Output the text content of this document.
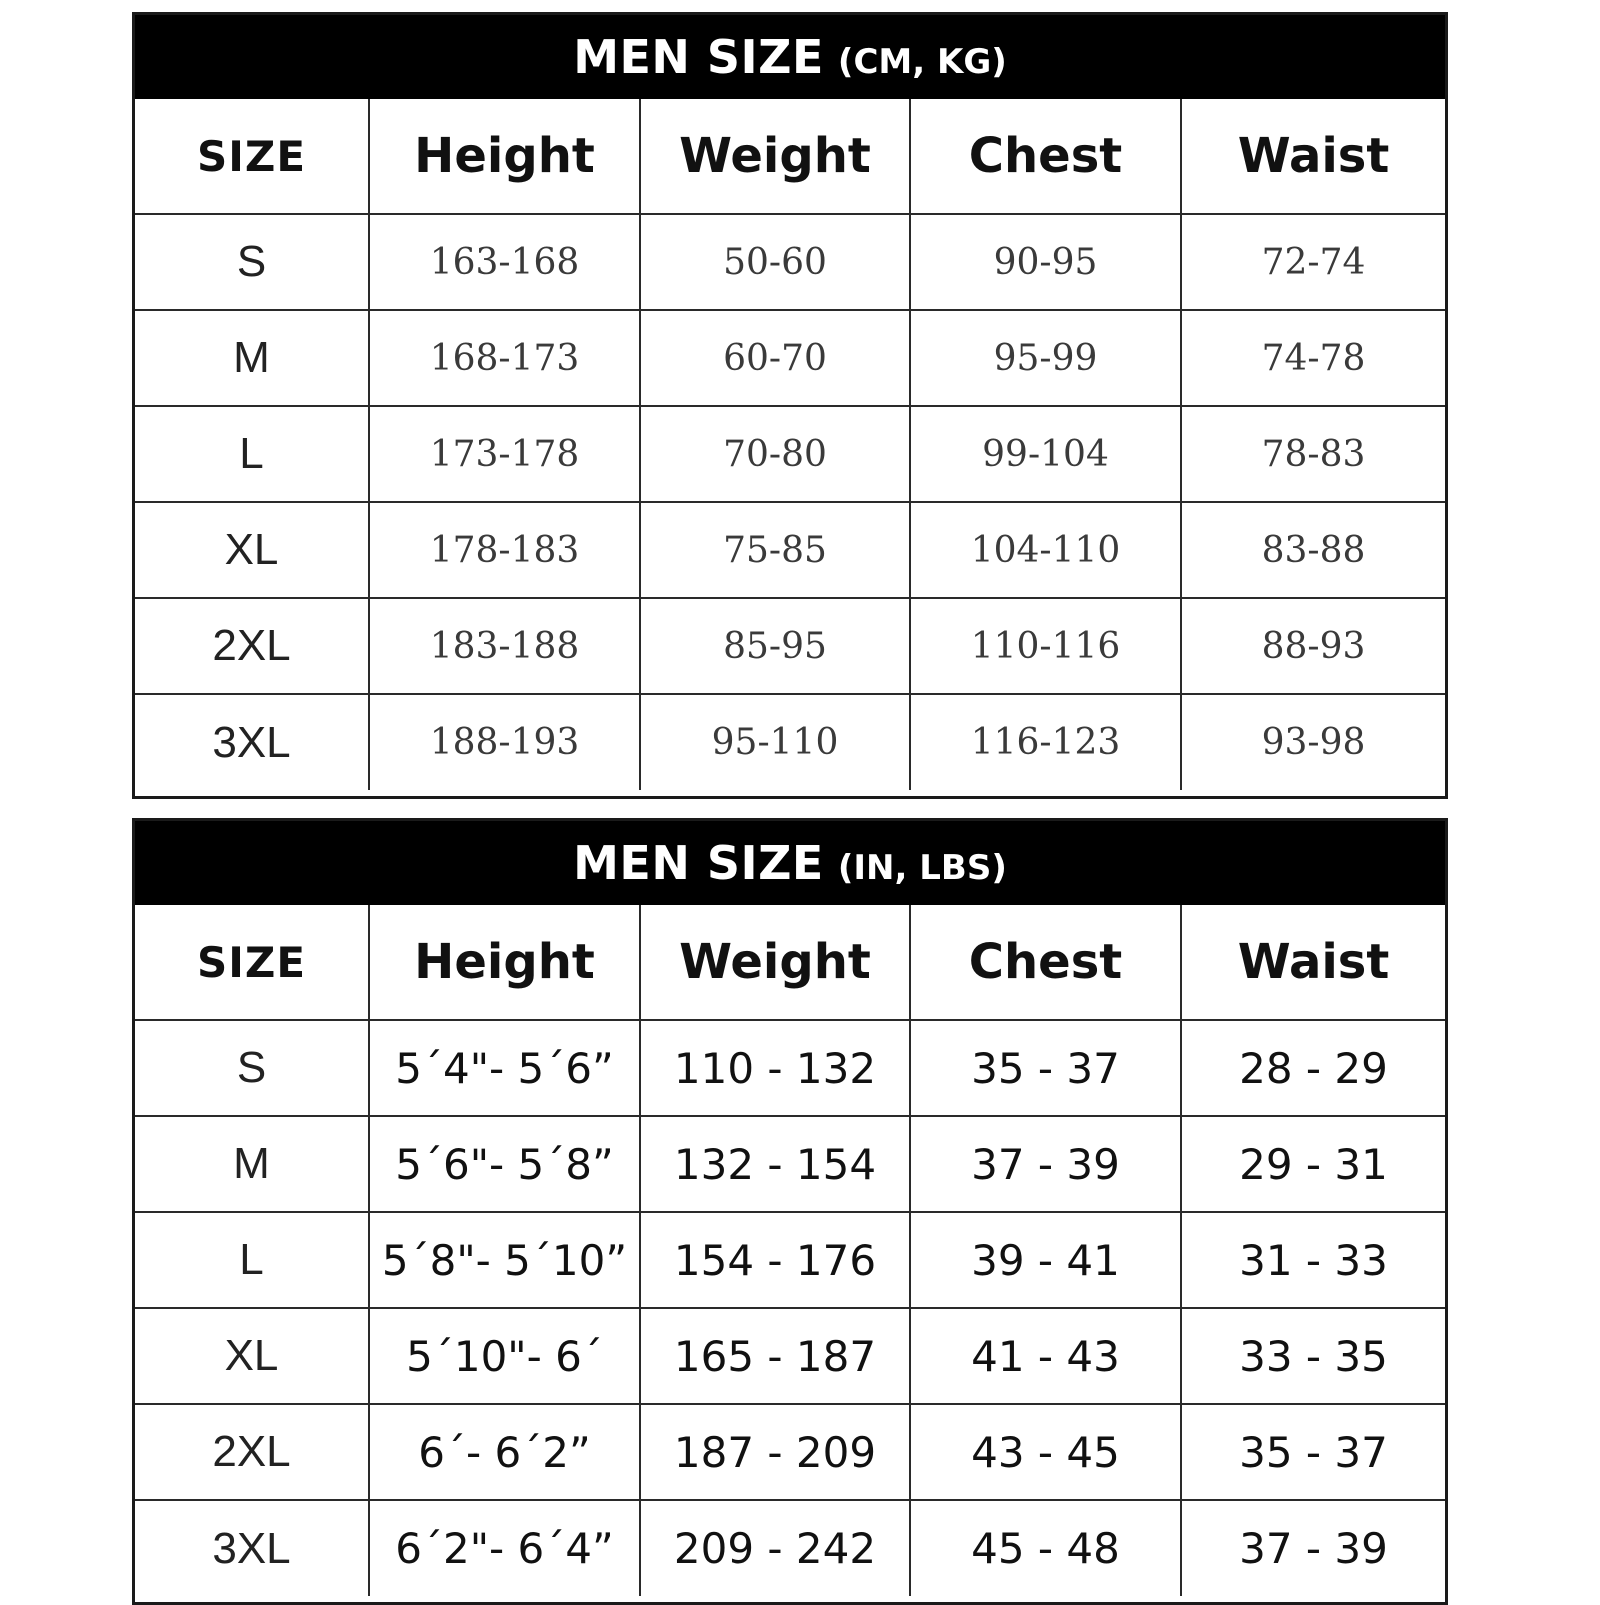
MEN SIZE (CM, KG)
SIZE	Height	Weight	Chest	Waist
S	163-168	50-60	90-95	72-74
M	168-173	60-70	95-99	74-78
L	173-178	70-80	99-104	78-83
XL	178-183	75-85	104-110	83-88
2XL	183-188	85-95	110-116	88-93
3XL	188-193	95-110	116-123	93-98
MEN SIZE (IN, LBS)
SIZE	Height	Weight	Chest	Waist
S	5´4"- 5´6”	110 - 132	35 - 37	28 - 29
M	5´6"- 5´8”	132 - 154	37 - 39	29 - 31
L	5´8"- 5´10”	154 - 176	39 - 41	31 - 33
XL	5´10"- 6´	165 - 187	41 - 43	33 - 35
2XL	6´- 6´2”	187 - 209	43 - 45	35 - 37
3XL	6´2"- 6´4”	209 - 242	45 - 48	37 - 39
